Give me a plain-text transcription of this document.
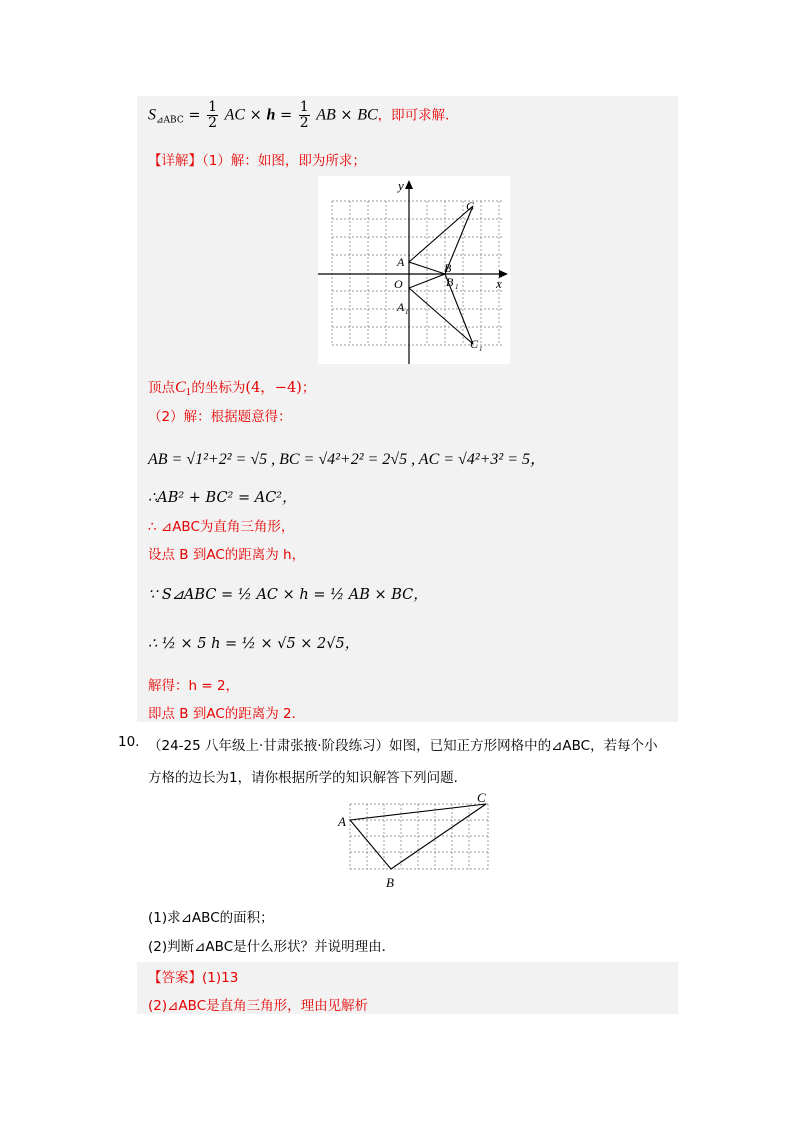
$S_{⊿ABC} = \frac{1}{2}$ AC × $h = \frac{1}{2}$ AB × BC，即可求解．
【详解】（1）解：如图，即为所求；
y
x
A
A 1
B
B 1
C
C 1
O
顶点$C_1$的坐标为(4，−4)；
（2）解：根据题意得：
AB = √1²+2² = √5 , BC = √4²+2² = 2√5 , AC = √4²+3² = 5，
∴AB² + BC² = AC²，
∴ ⊿ABC为直角三角形，
设点 B 到AC的距离为 h，
∵ S⊿ABC = ½ AC × h = ½ AB × BC，
∴ ½ × 5 h = ½ × √5 × 2√5，
解得：h = 2，
即点 B 到AC的距离为 2．
10. （24-25 八年级上·甘肃张掖·阶段练习）如图，已知正方形网格中的⊿ABC，若每个小
方格的边长为1，请你根据所学的知识解答下列问题．
A
B
C
(1)求⊿ABC的面积；
(2)判断⊿ABC是什么形状？并说明理由．
【答案】(1)13
(2)⊿ABC是直角三角形，理由见解析
